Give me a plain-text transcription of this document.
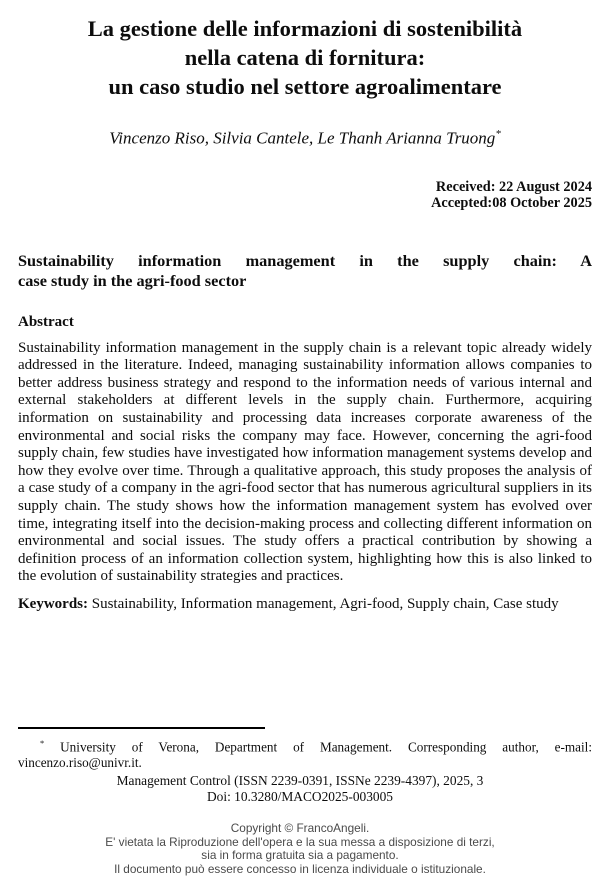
La gestione delle informazioni di sostenibilità
nella catena di fornitura:
un caso studio nel settore agroalimentare
Vincenzo Riso, Silvia Cantele, Le Thanh Arianna Truong*
Received: 22 August 2024
Accepted:08 October 2025
Sustainability information management in the supply chain: A
case study in the agri-food sector
Abstract
Sustainability information management in the supply chain is a relevant topic already widely addressed in the literature. Indeed, managing sustainability information allows companies to better address business strategy and respond to the information needs of various internal and external stakeholders at different levels in the supply chain. Furthermore, acquiring information on sustainability and processing data increases corporate awareness of the environmental and social risks the company may face. However, concerning the agri-food supply chain, few studies have investigated how information management systems develop and how they evolve over time. Through a qualitative approach, this study proposes the analysis of a case study of a company in the agri-food sector that has numerous agricultural suppliers in its supply chain. The study shows how the information management system has evolved over time, integrating itself into the decision-making process and collecting different information on environmental and social issues. The study offers a practical contribution by showing a definition process of an information collection system, highlighting how this is also linked to the evolution of sustainability strategies and practices.
Keywords: Sustainability, Information management, Agri-food, Supply chain, Case study
* University of Verona, Department of Management. Corresponding author, e-mail: vincenzo.riso@univr.it.
Management Control (ISSN 2239-0391, ISSNe 2239-4397), 2025, 3
Doi: 10.3280/MACO2025-003005
Copyright © FrancoAngeli.
E' vietata la Riproduzione dell'opera e la sua messa a disposizione di terzi,
sia in forma gratuita sia a pagamento.
Il documento può essere concesso in licenza individuale o istituzionale.
